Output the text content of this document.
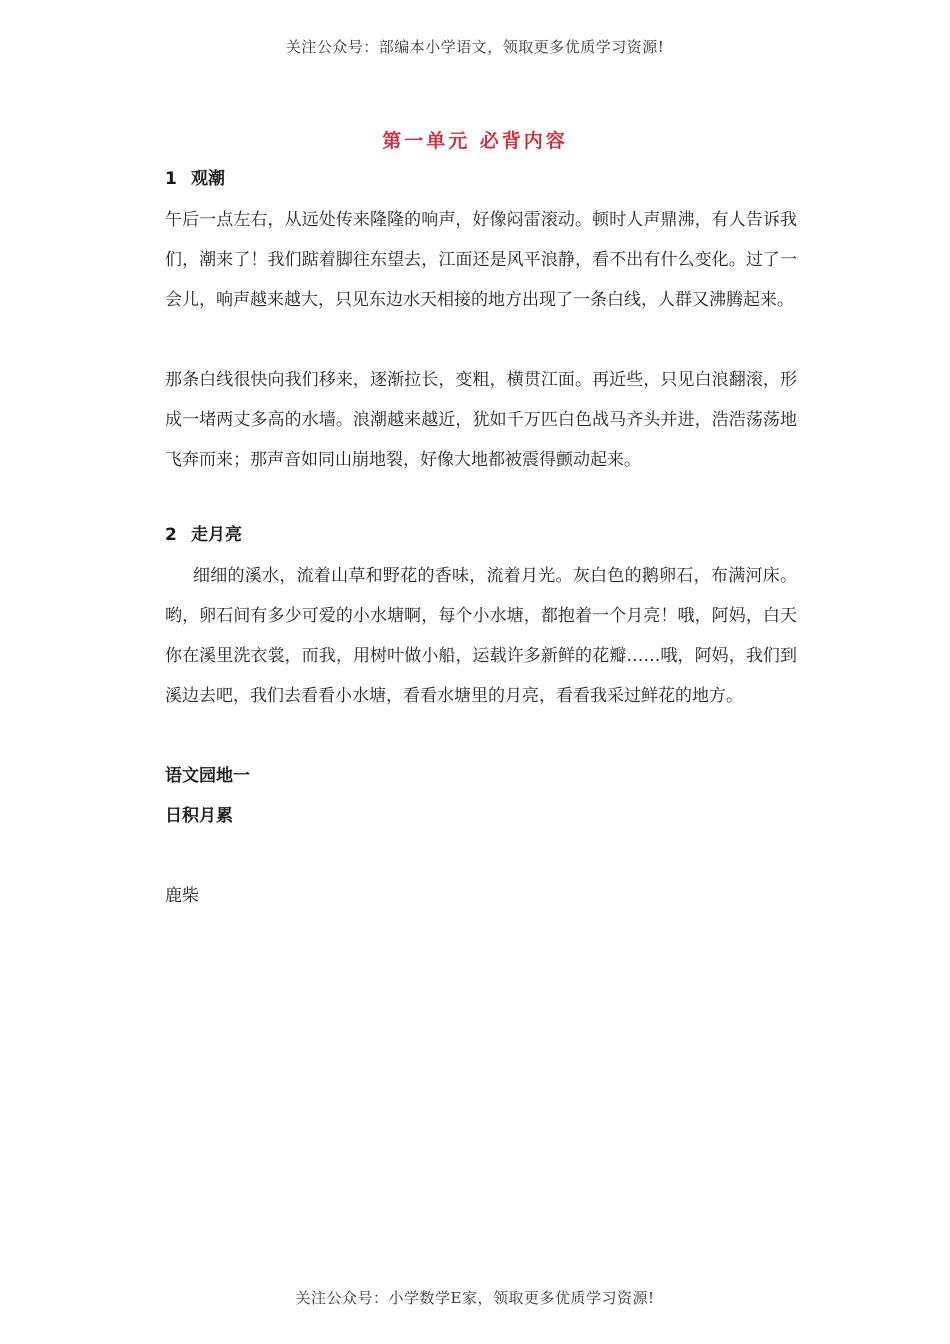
关注公众号：部编本小学语文，领取更多优质学习资源!
第一单元 必背内容
1 观潮

午后一点左右，从远处传来隆隆的响声，好像闷雷滚动。顿时人声鼎沸，有人告诉我们，潮来了！我们踮着脚往东望去，江面还是风平浪静，看不出有什么变化。过了一会儿，响声越来越大，只见东边水天相接的地方出现了一条白线，人群又沸腾起来。

那条白线很快向我们移来，逐渐拉长，变粗，横贯江面。再近些，只见白浪翻滚，形成一堵两丈多高的水墙。浪潮越来越近，犹如千万匹白色战马齐头并进，浩浩荡荡地飞奔而来；那声音如同山崩地裂，好像大地都被震得颤动起来。

2 走月亮

细细的溪水，流着山草和野花的香味，流着月光。灰白色的鹅卵石，布满河床。哟，卵石间有多少可爱的小水塘啊，每个小水塘，都抱着一个月亮！哦，阿妈，白天你在溪里洗衣裳，而我，用树叶做小船，运载许多新鲜的花瓣……哦，阿妈，我们到溪边去吧，我们去看看小水塘，看看水塘里的月亮，看看我采过鲜花的地方。

语文园地一
日积月累
鹿柴
关注公众号：小学数学E家，领取更多优质学习资源!
